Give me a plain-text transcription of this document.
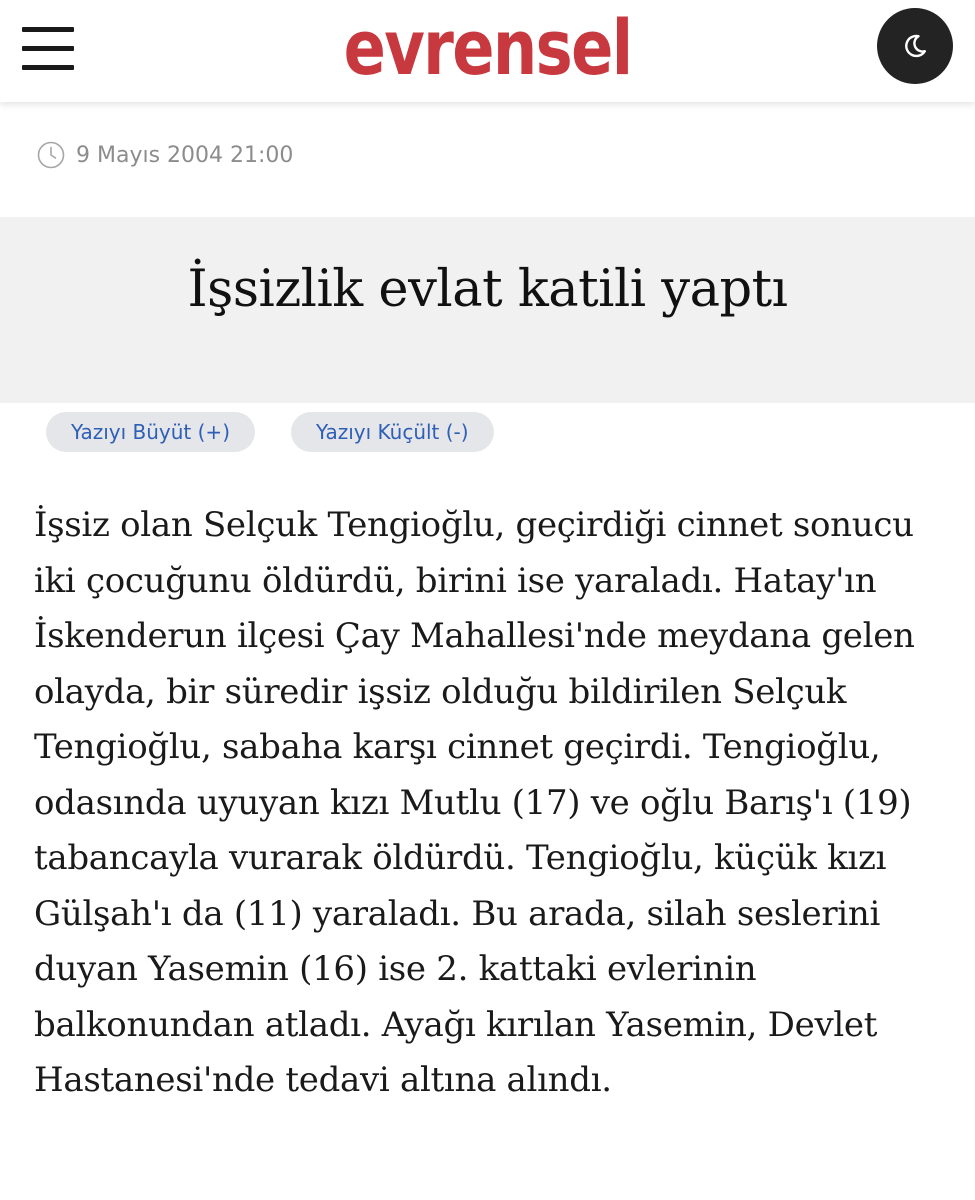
evrensel
9 Mayıs 2004 21:00
İşsizlik evlat katili yaptı
Yazıyı Büyüt (+)	Yazıyı Küçült (-)

İşsiz olan Selçuk Tengioğlu, geçirdiği cinnet sonucu iki çocuğunu öldürdü, birini ise yaraladı. Hatay'ın İskenderun ilçesi Çay Mahallesi'nde meydana gelen olayda, bir süredir işsiz olduğu bildirilen Selçuk Tengioğlu, sabaha karşı cinnet geçirdi. Tengioğlu, odasında uyuyan kızı Mutlu (17) ve oğlu Barış'ı (19) tabancayla vurarak öldürdü. Tengioğlu, küçük kızı Gülşah'ı da (11) yaraladı. Bu arada, silah seslerini duyan Yasemin (16) ise 2. kattaki evlerinin balkonundan atladı. Ayağı kırılan Yasemin, Devlet Hastanesi'nde tedavi altına alındı.
